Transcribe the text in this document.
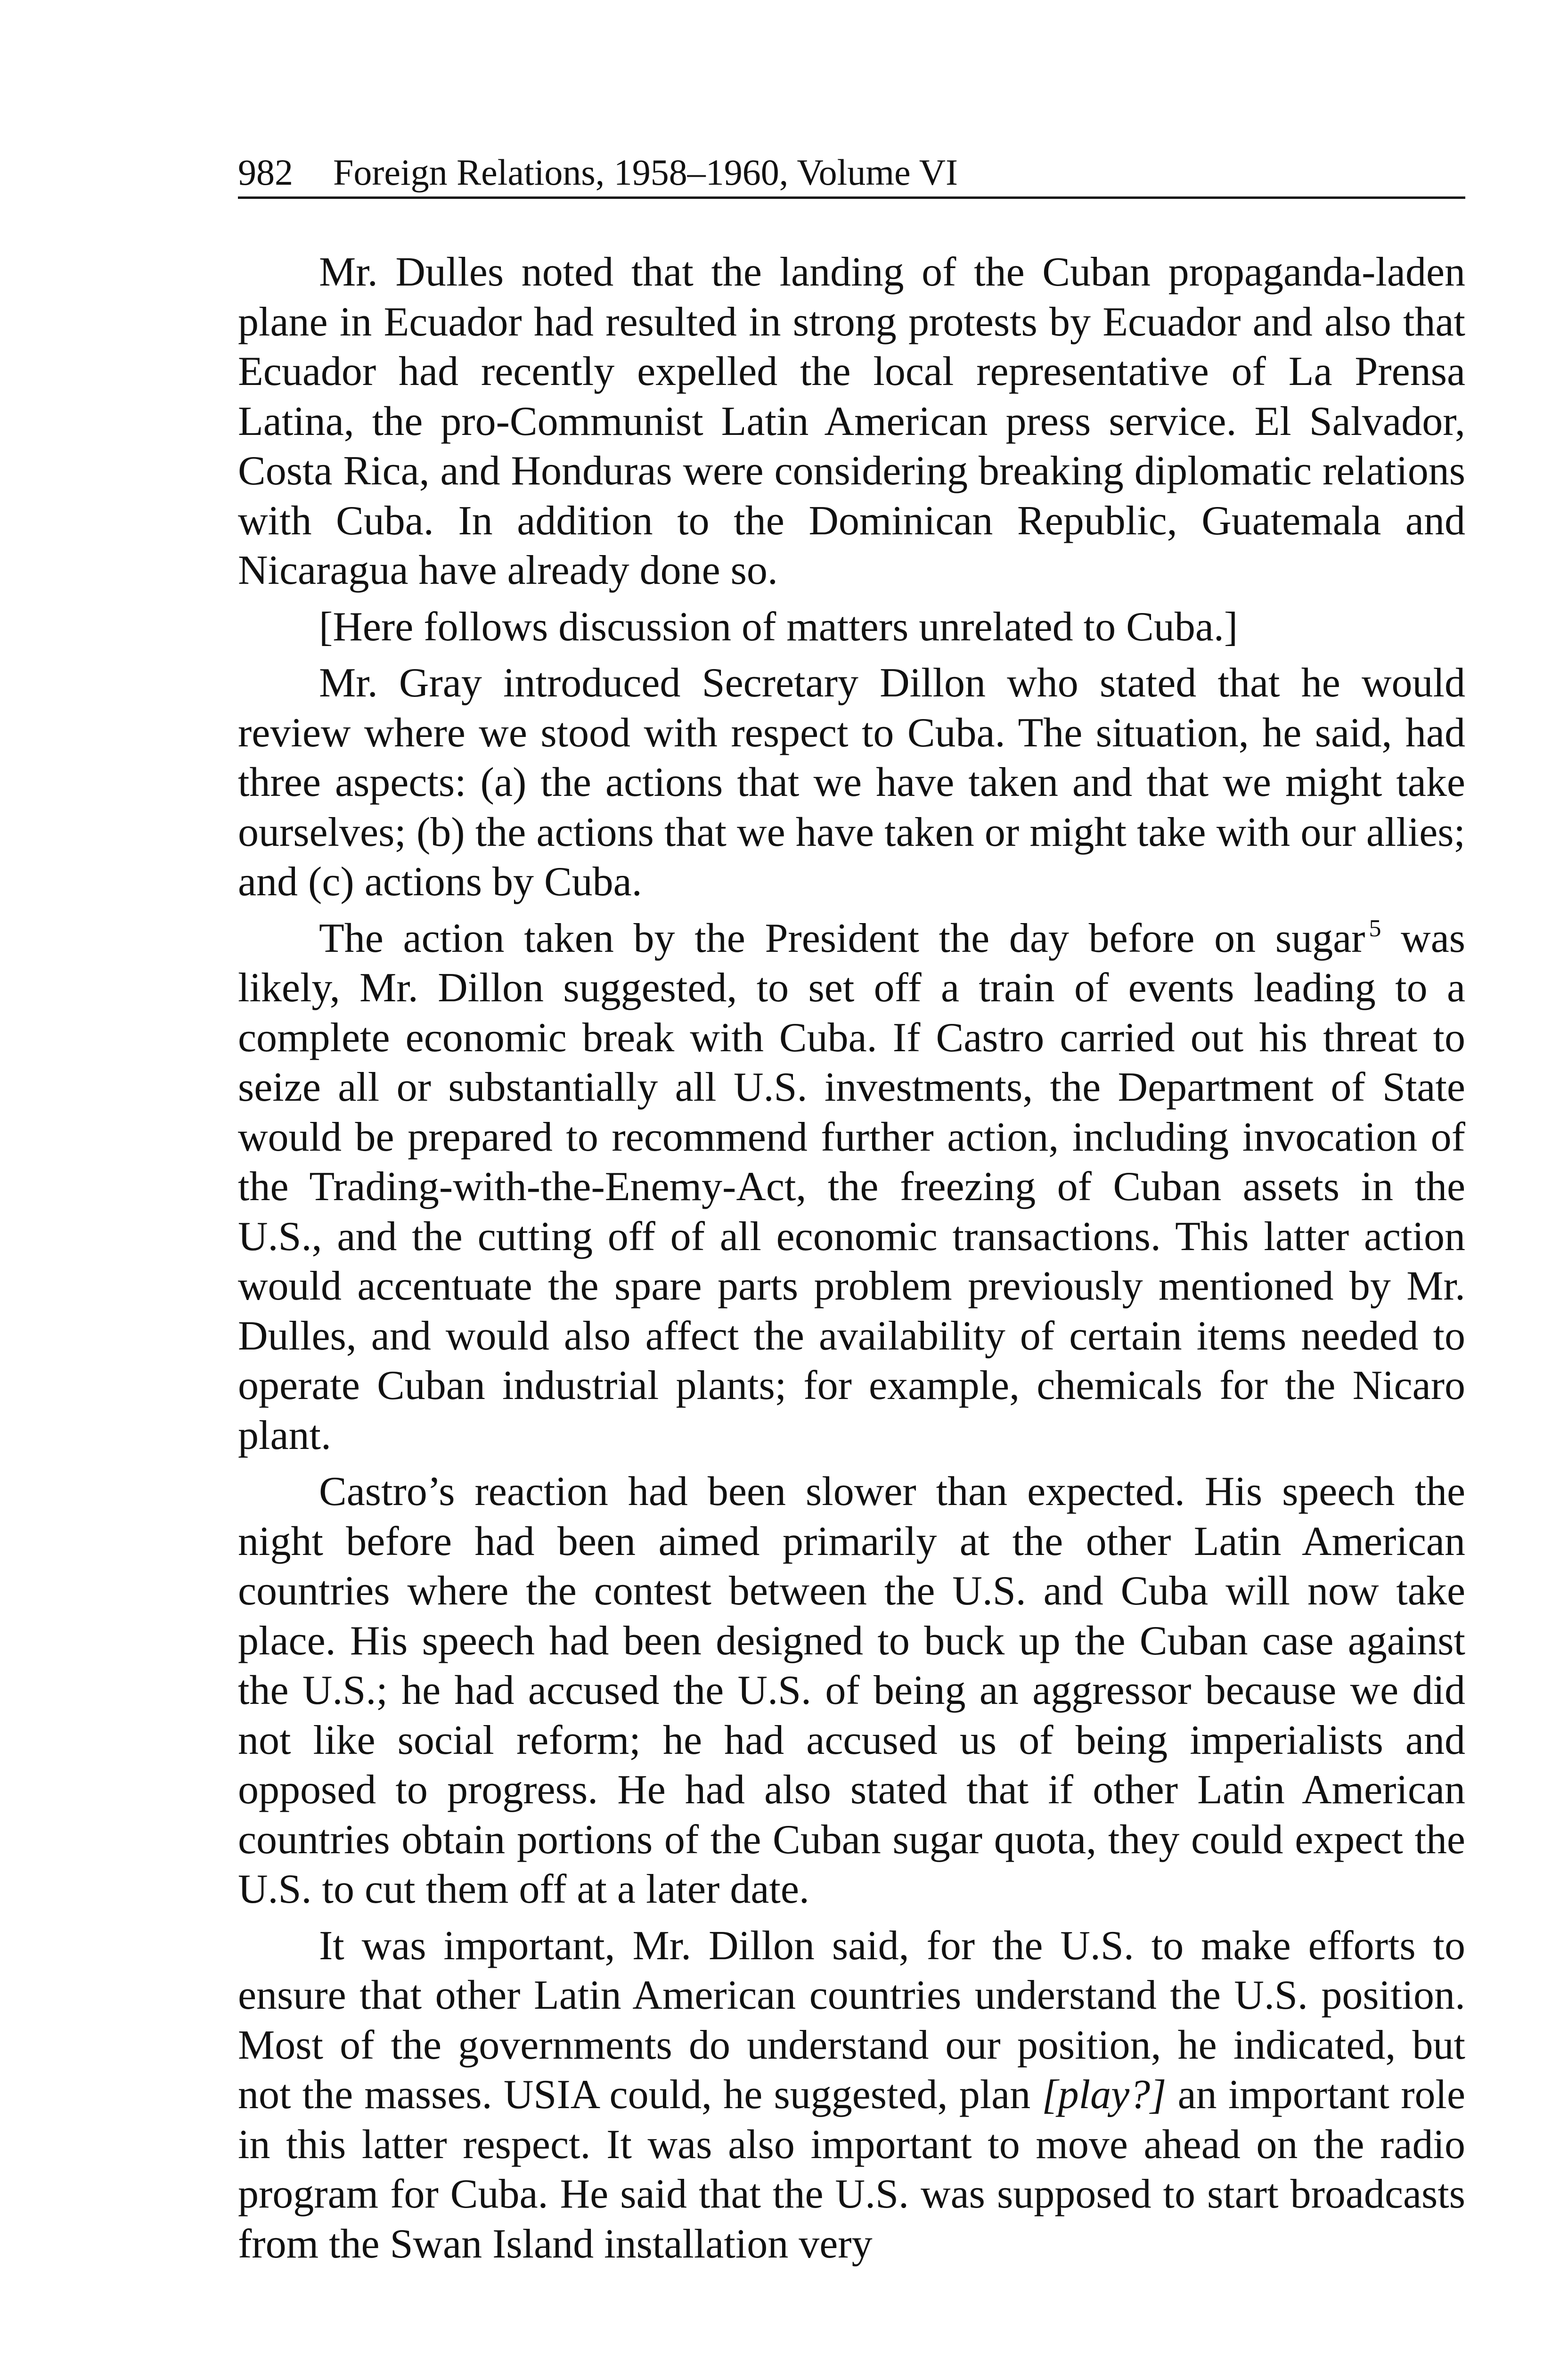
982 Foreign Relations, 1958–1960, Volume VI

Mr. Dulles noted that the landing of the Cuban propaganda-laden plane in Ecuador had resulted in strong protests by Ecuador and also that Ecuador had recently expelled the local representative of La Prensa Latina, the pro-Communist Latin American press service. El Salvador, Costa Rica, and Honduras were considering breaking diplomatic relations with Cuba. In addition to the Dominican Republic, Guatemala and Nicaragua have already done so.

[Here follows discussion of matters unrelated to Cuba.]

Mr. Gray introduced Secretary Dillon who stated that he would review where we stood with respect to Cuba. The situation, he said, had three aspects: (a) the actions that we have taken and that we might take ourselves; (b) the actions that we have taken or might take with our allies; and (c) actions by Cuba.

The action taken by the President the day before on sugar $^5$ was likely, Mr. Dillon suggested, to set off a train of events leading to a complete economic break with Cuba. If Castro carried out his threat to seize all or substantially all U.S. investments, the Department of State would be prepared to recommend further action, including invocation of the Trading-with-the-Enemy-Act, the freezing of Cuban assets in the U.S., and the cutting off of all economic transactions. This latter action would accentuate the spare parts problem previously mentioned by Mr. Dulles, and would also affect the availability of certain items needed to operate Cuban industrial plants; for example, chemicals for the Nicaro plant.

Castro’s reaction had been slower than expected. His speech the night before had been aimed primarily at the other Latin American countries where the contest between the U.S. and Cuba will now take place. His speech had been designed to buck up the Cuban case against the U.S.; he had accused the U.S. of being an aggressor because we did not like social reform; he had accused us of being imperialists and opposed to progress. He had also stated that if other Latin American countries obtain portions of the Cuban sugar quota, they could expect the U.S. to cut them off at a later date.

It was important, Mr. Dillon said, for the U.S. to make efforts to ensure that other Latin American countries understand the U.S. position. Most of the governments do understand our position, he indicated, but not the masses. USIA could, he suggested, plan [play?] an important role in this latter respect. It was also important to move ahead on the radio program for Cuba. He said that the U.S. was supposed to start broadcasts from the Swan Island installation very
